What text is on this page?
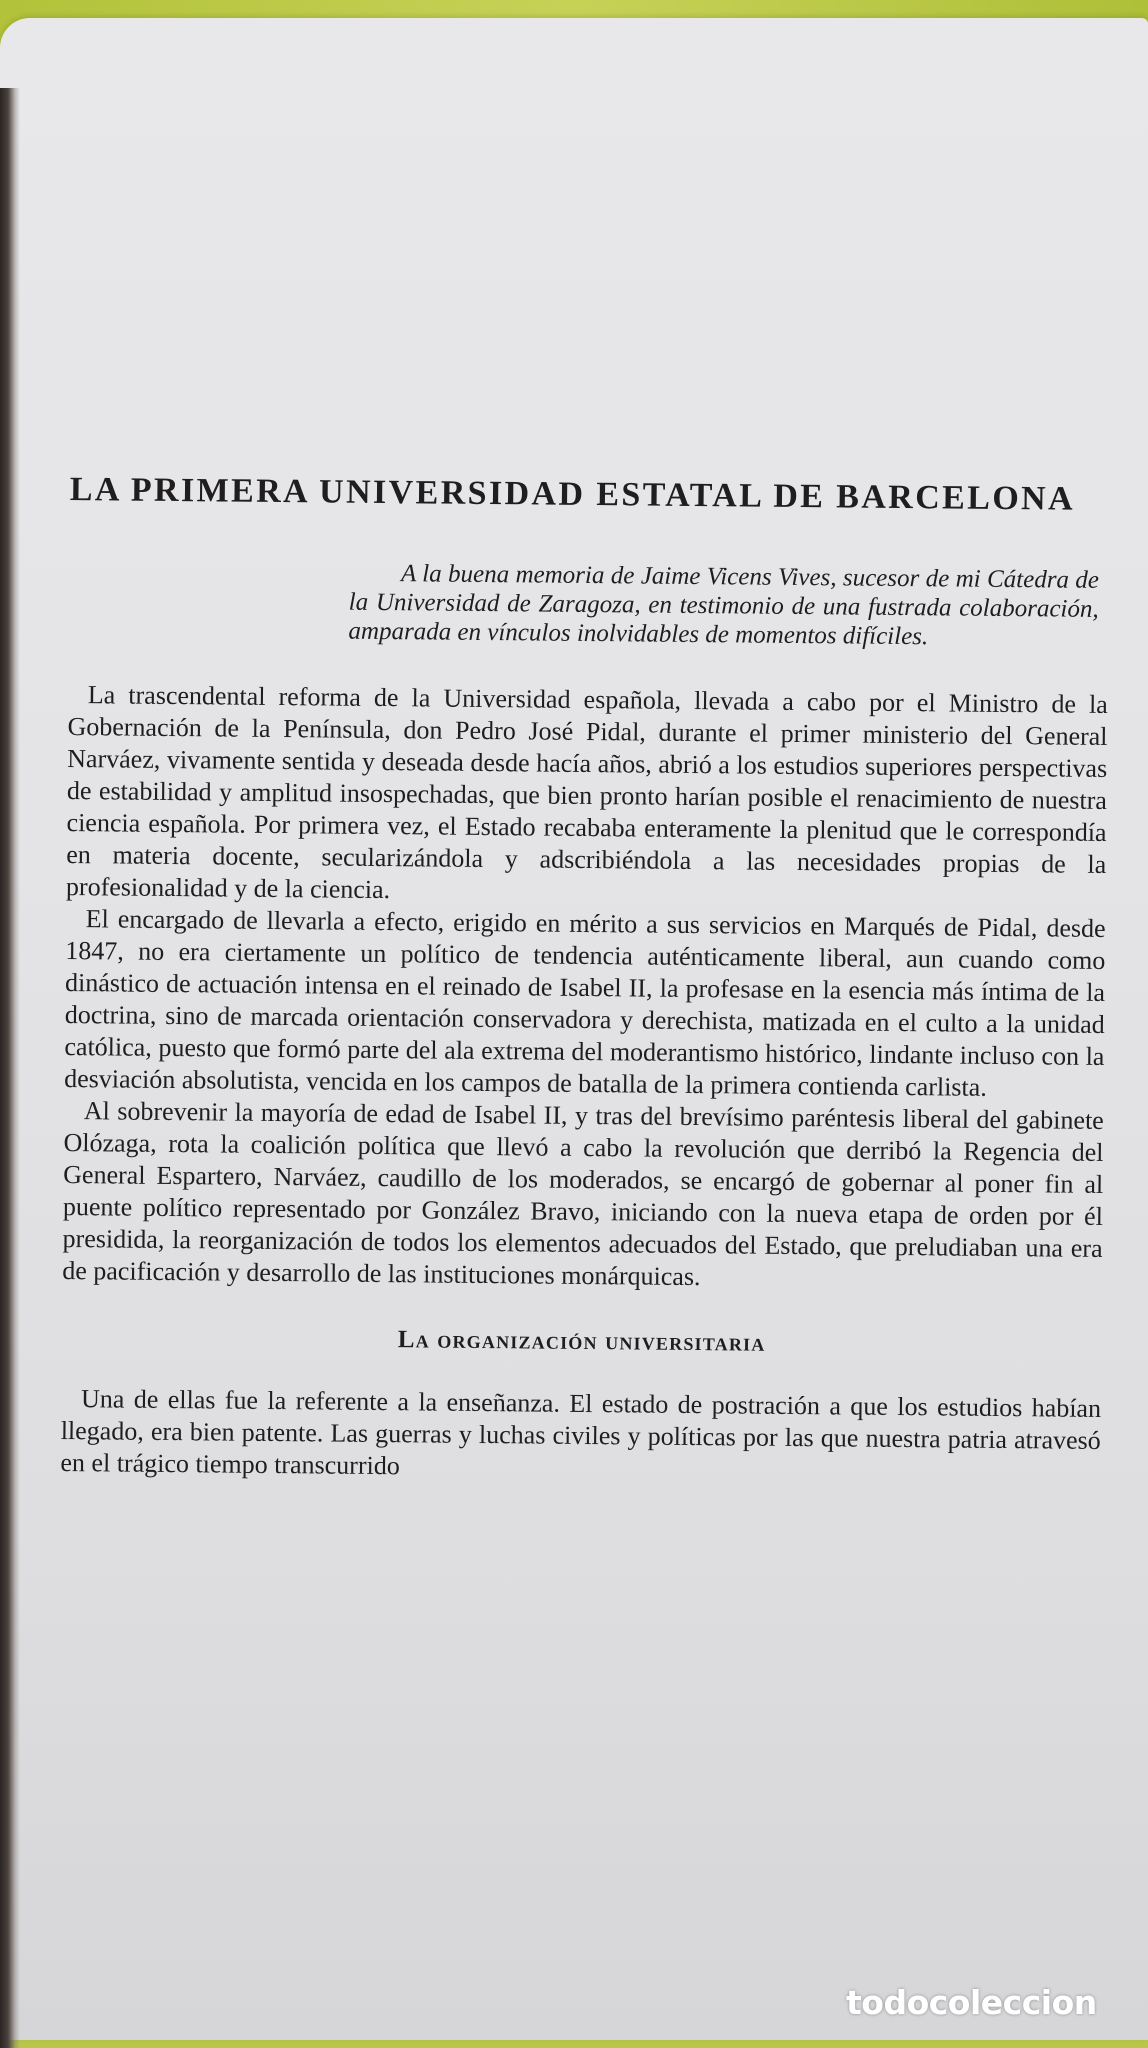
LA PRIMERA UNIVERSIDAD ESTATAL DE BARCELONA

A la buena memoria de Jaime Vicens Vives, sucesor de mi Cátedra de la Universidad de Zaragoza, en testimonio de una fustrada colaboración, amparada en vínculos inolvidables de momentos difíciles.

La trascendental reforma de la Universidad española, llevada a cabo por el Ministro de la Gobernación de la Península, don Pedro José Pidal, durante el primer ministerio del General Narváez, vivamente sentida y deseada desde hacía años, abrió a los estudios superiores perspectivas de estabilidad y amplitud insospechadas, que bien pronto harían posible el renacimiento de nuestra ciencia española. Por primera vez, el Estado recababa enteramente la plenitud que le correspondía en materia docente, secularizándola y adscribiéndola a las necesidades propias de la profesionalidad y de la ciencia.

El encargado de llevarla a efecto, erigido en mérito a sus servicios en Marqués de Pidal, desde 1847, no era ciertamente un político de tendencia auténticamente liberal, aun cuando como dinástico de actuación intensa en el reinado de Isabel II, la profesase en la esencia más íntima de la doctrina, sino de marcada orientación conservadora y derechista, matizada en el culto a la unidad católica, puesto que formó parte del ala extrema del moderantismo histórico, lindante incluso con la desviación absolutista, vencida en los campos de batalla de la primera contienda carlista.

Al sobrevenir la mayoría de edad de Isabel II, y tras del brevísimo paréntesis liberal del gabinete Olózaga, rota la coalición política que llevó a cabo la revolución que derribó la Regencia del General Espartero, Narváez, caudillo de los moderados, se encargó de gobernar al poner fin al puente político representado por González Bravo, iniciando con la nueva etapa de orden por él presidida, la reorganización de todos los elementos adecuados del Estado, que preludiaban una era de pacificación y desarrollo de las instituciones monárquicas.

La organización universitaria

Una de ellas fue la referente a la enseñanza. El estado de postración a que los estudios habían llegado, era bien patente. Las guerras y luchas civiles y políticas por las que nuestra patria atravesó en el trágico tiempo transcurrido

todocoleccion
